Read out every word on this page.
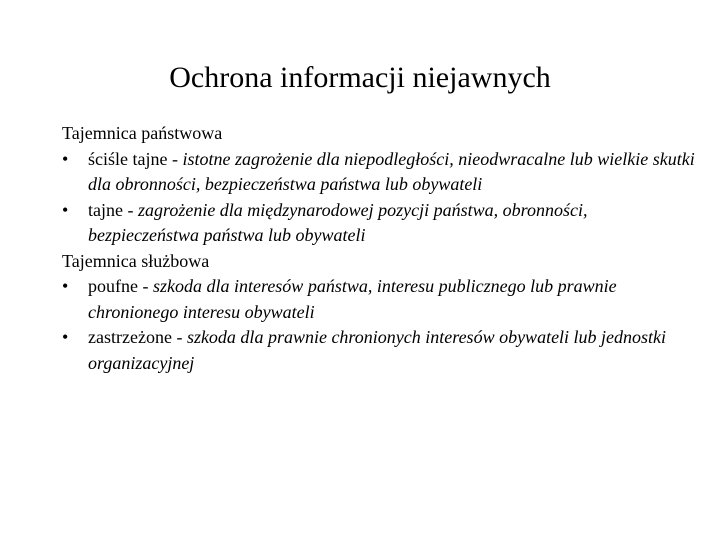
Ochrona informacji niejawnych
Tajemnica państwowa
• ściśle tajne - istotne zagrożenie dla niepodległości, nieodwracalne lub wielkie skutki dla obronności, bezpieczeństwa państwa lub obywateli
• tajne - zagrożenie dla międzynarodowej pozycji państwa, obronności, bezpieczeństwa państwa lub obywateli
Tajemnica służbowa
• poufne - szkoda dla interesów państwa, interesu publicznego lub prawnie chronionego interesu obywateli
• zastrzeżone - szkoda dla prawnie chronionych interesów obywateli lub jednostki organizacyjnej
